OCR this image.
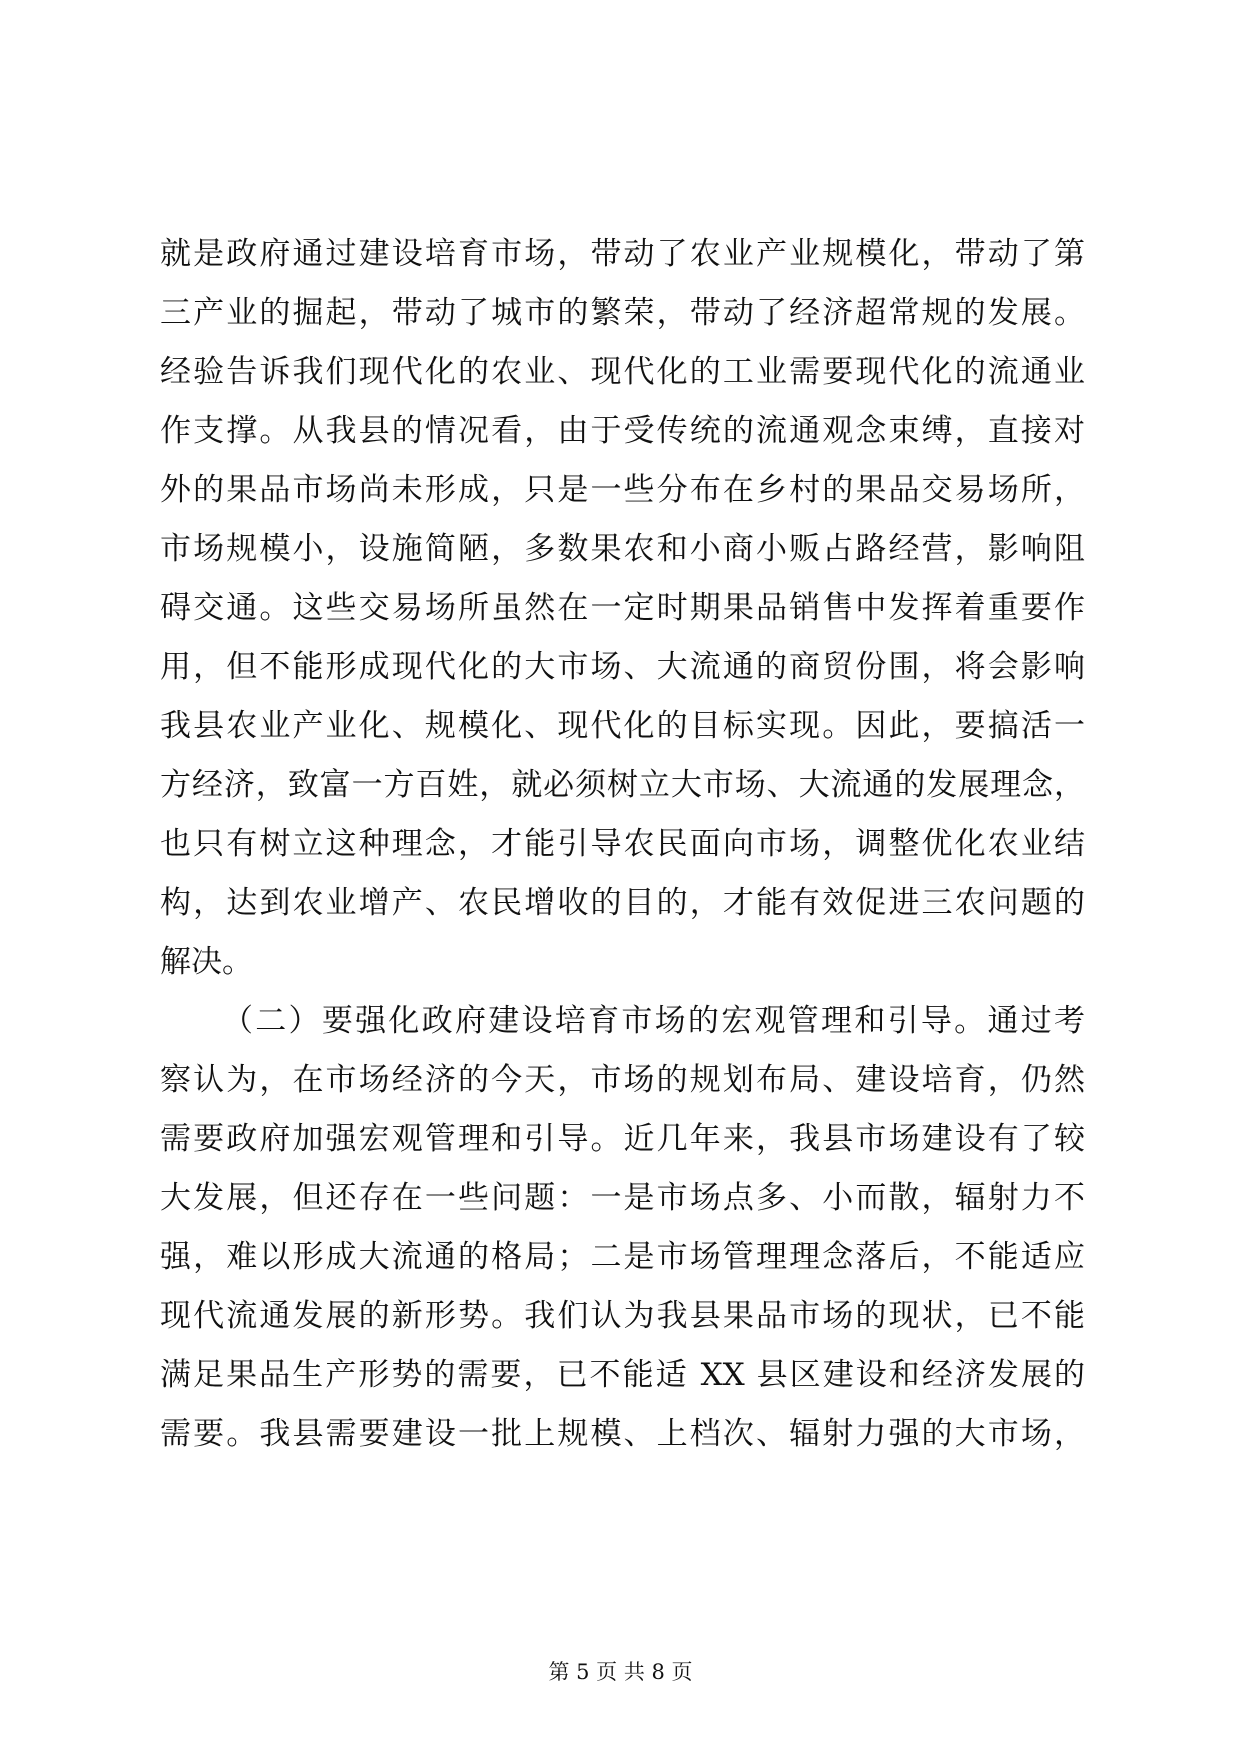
就是政府通过建设培育市场，带动了农业产业规模化，带动了第
三产业的掘起，带动了城市的繁荣，带动了经济超常规的发展。
经验告诉我们现代化的农业、现代化的工业需要现代化的流通业
作支撑。从我县的情况看，由于受传统的流通观念束缚，直接对
外的果品市场尚未形成，只是一些分布在乡村的果品交易场所，
市场规模小，设施简陋，多数果农和小商小贩占路经营，影响阻
碍交通。这些交易场所虽然在一定时期果品销售中发挥着重要作
用，但不能形成现代化的大市场、大流通的商贸份围，将会影响
我县农业产业化、规模化、现代化的目标实现。因此，要搞活一
方经济，致富一方百姓，就必须树立大市场、大流通的发展理念，
也只有树立这种理念，才能引导农民面向市场，调整优化农业结
构，达到农业增产、农民增收的目的，才能有效促进三农问题的
解决。
（二）要强化政府建设培育市场的宏观管理和引导。通过考
察认为，在市场经济的今天，市场的规划布局、建设培育，仍然
需要政府加强宏观管理和引导。近几年来，我县市场建设有了较
大发展，但还存在一些问题：一是市场点多、小而散，辐射力不
强，难以形成大流通的格局；二是市场管理理念落后，不能适应
现代流通发展的新形势。我们认为我县果品市场的现状，已不能
满足果品生产形势的需要，已不能适 XX 县区建设和经济发展的
需要。我县需要建设一批上规模、上档次、辐射力强的大市场，
第 5 页 共 8 页
